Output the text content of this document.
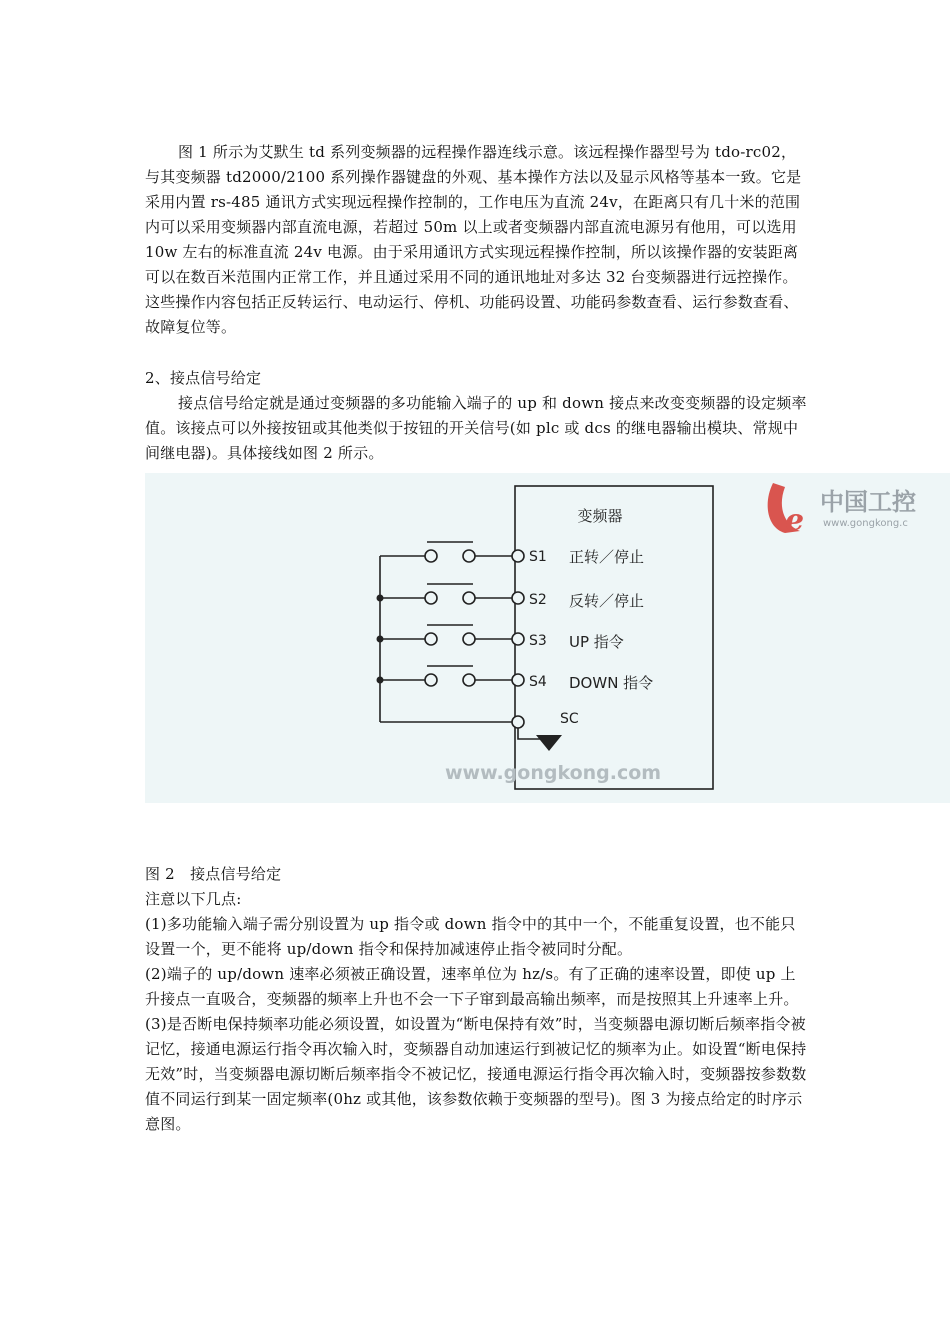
图 1 所示为艾默生 td 系列变频器的远程操作器连线示意。该远程操作器型号为 tdo-rc02，与其变频器 td2000/2100 系列操作器键盘的外观、基本操作方法以及显示风格等基本一致。它是采用内置 rs-485 通讯方式实现远程操作控制的，工作电压为直流 24v，在距离只有几十米的范围内可以采用变频器内部直流电源，若超过 50m 以上或者变频器内部直流电源另有他用，可以选用 10w 左右的标准直流 24v 电源。由于采用通讯方式实现远程操作控制，所以该操作器的安装距离可以在数百米范围内正常工作，并且通过采用不同的通讯地址对多达 32 台变频器进行远控操作。这些操作内容包括正反转运行、电动运行、停机、功能码设置、功能码参数查看、运行参数查看、故障复位等。
2、接点信号给定
接点信号给定就是通过变频器的多功能输入端子的 up 和 down 接点来改变变频器的设定频率值。该接点可以外接按钮或其他类似于按钮的开关信号(如 plc 或 dcs 的继电器输出模块、常规中间继电器)。具体接线如图 2 所示。
变频器
S1 正转／停止
S2 反转／停止
S3 UP 指令
S4 DOWN 指令
SC
www.gongkong.com
e
中国工控
www.gongkong.c
图 2　接点信号给定
注意以下几点:
(1)多功能输入端子需分别设置为 up 指令或 down 指令中的其中一个，不能重复设置，也不能只设置一个，更不能将 up/down 指令和保持加减速停止指令被同时分配。
(2)端子的 up/down 速率必须被正确设置，速率单位为 hz/s。有了正确的速率设置，即使 up 上升接点一直吸合，变频器的频率上升也不会一下子窜到最高输出频率，而是按照其上升速率上升。
(3)是否断电保持频率功能必须设置，如设置为“断电保持有效”时，当变频器电源切断后频率指令被记忆，接通电源运行指令再次输入时，变频器自动加速运行到被记忆的频率为止。如设置“断电保持无效”时，当变频器电源切断后频率指令不被记忆，接通电源运行指令再次输入时，变频器按参数数值不同运行到某一固定频率(0hz 或其他，该参数依赖于变频器的型号)。图 3 为接点给定的时序示意图。
